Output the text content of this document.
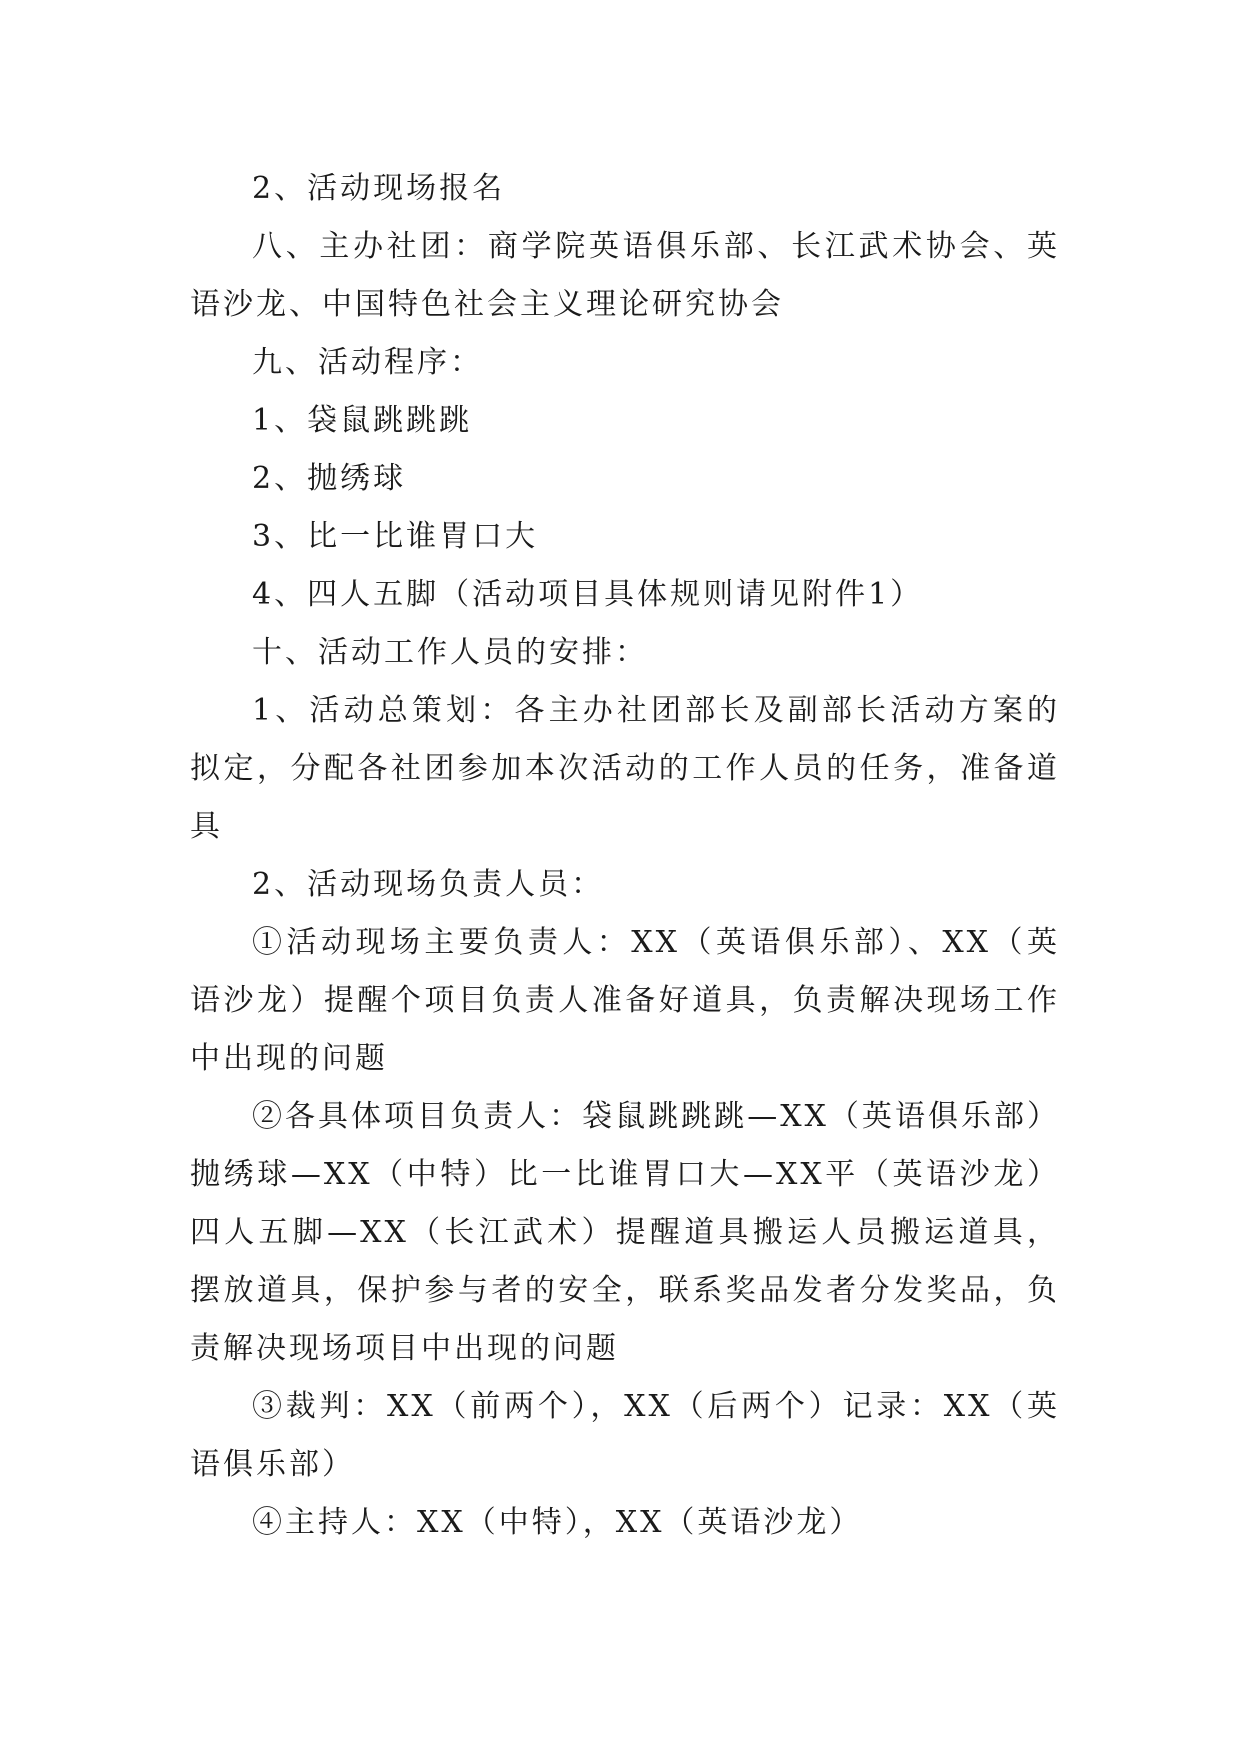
2、活动现场报名

八、主办社团：商学院英语俱乐部、长江武术协会、英语沙龙、中国特色社会主义理论研究协会

九、活动程序：

1、袋鼠跳跳跳

2、抛绣球

3、比一比谁胃口大

4、四人五脚（活动项目具体规则请见附件1）

十、活动工作人员的安排：

1、活动总策划：各主办社团部长及副部长活动方案的拟定，分配各社团参加本次活动的工作人员的任务，准备道具

2、活动现场负责人员：

①活动现场主要负责人：XX（英语俱乐部）、XX（英语沙龙）提醒个项目负责人准备好道具，负责解决现场工作中出现的问题

②各具体项目负责人：袋鼠跳跳跳—XX（英语俱乐部）抛绣球—XX（中特）比一比谁胃口大—XX平（英语沙龙）四人五脚—XX（长江武术）提醒道具搬运人员搬运道具，摆放道具，保护参与者的安全，联系奖品发者分发奖品，负责解决现场项目中出现的问题

③裁判：XX（前两个），XX（后两个）记录：XX（英语俱乐部）

④主持人：XX（中特），XX（英语沙龙）
